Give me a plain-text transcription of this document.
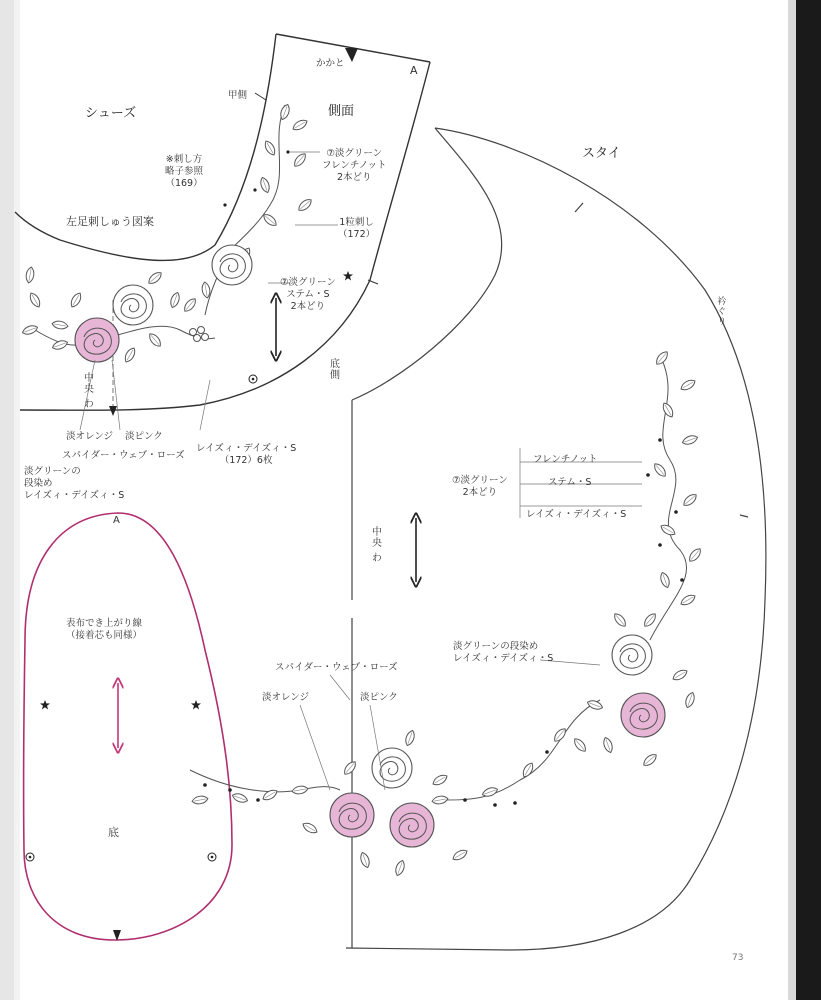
シューズ	側面
かかと
A
甲側
※刺し方
略子参照
（169）
左足刺しゅう図案
⑦淡グリーン
フレンチノット
2本どり
1粒刺し
（172）
⑦淡グリーン
ステム・S
2本どり
底側
中央 わ
淡オレンジ 淡ピンク
スパイダー・ウェブ・ローズ
レイズィ・デイズィ・S
（172）6枚
淡グリーンの
段染め
レイズィ・デイズィ・S
A
表布でき上がり線
（接着芯も同様）
底
スタイ
衿ぐり
⑦淡グリーン
2本どり
フレンチノット
ステム・S
レイズィ・デイズィ・S
中央 わ
淡グリーンの段染め
レイズィ・デイズィ・S
スパイダー・ウェブ・ローズ
淡オレンジ	淡ピンク
73
